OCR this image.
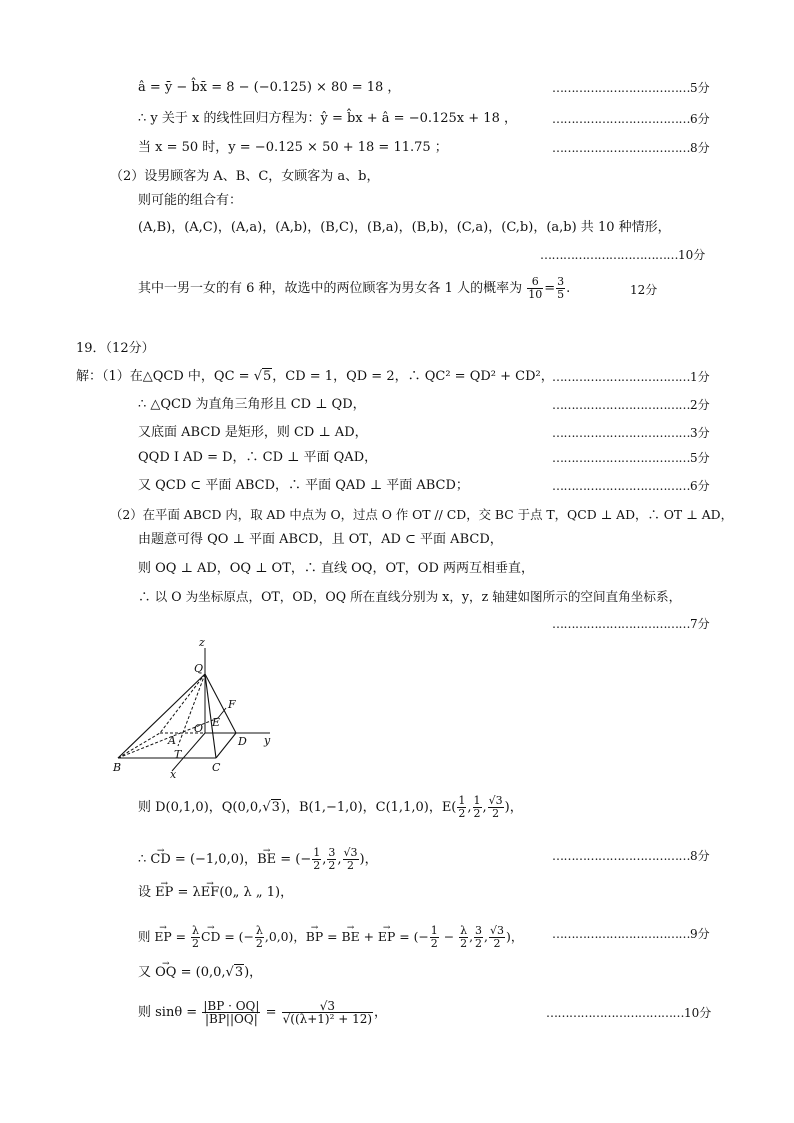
â = ȳ − b̂x̄ = 8 − (−0.125) × 80 = 18 ，	………………………………5分
∴ y 关于 x 的线性回归方程为：ŷ = b̂x + â = −0.125x + 18 ，	………………………………6分
当 x = 50 时，y = −0.125 × 50 + 18 = 11.75 ；	………………………………8分
（2）设男顾客为 A、B、C，女顾客为 a、b，
则可能的组合有：
(A,B)，(A,C)，(A,a)，(A,b)，(B,C)，(B,a)，(B,b)，(C,a)，(C,b)，(a,b) 共 10 种情形，
………………………………10分
其中一男一女的有 6 种，故选中的两位顾客为男女各 1 人的概率为 $\frac{6}{10} = \frac{3}{5}$ .	12分
19．（12分）
解：（1）在△QCD 中，QC = √5，CD = 1，QD = 2，∴ QC² = QD² + CD²，
………………………………1分
∴ △QCD 为直角三角形且 CD ⊥ QD，	………………………………2分
又底面 ABCD 是矩形，则 CD ⊥ AD，	………………………………3分
QQD I AD = D，∴ CD ⊥ 平面 QAD，	………………………………5分
又 QCD ⊂ 平面 ABCD，∴ 平面 QAD ⊥ 平面 ABCD；	………………………………6分
（2）在平面 ABCD 内，取 AD 中点为 O，过点 O 作 OT // CD，交 BC 于点 T，QCD ⊥ AD，∴ OT ⊥ AD，
由题意可得 QO ⊥ 平面 ABCD，且 OT，AD ⊂ 平面 ABCD，
则 OQ ⊥ AD，OQ ⊥ OT，∴ 直线 OQ，OT，OD 两两互相垂直，
∴ 以 O 为坐标原点，OT，OD，OQ 所在直线分别为 x，y，z 轴建如图所示的空间直角坐标系，
………………………………7分
z
Q
F
E
O
A
T
D y
B	C
x
则 D(0,1,0)，Q(0,0,√3)，B(1,−1,0)，C(1,1,0)，$E( \frac{1}{2}$ , $\frac{1}{2}$ , $\frac{√3}{2}$ )，
∴ → CD = (−1,0,0)，→ BE = (− $\frac{1}{2}$ , $\frac{3}{2}$ , $\frac{√3}{2}$ )，	………………………………8分
设 → EP = λ→ EF(0„ λ „ 1)，
则 → EP = $\frac{\lambda}{2}$
→ CD = (− $\frac{\lambda}{2} ,0,0$)，→ BP = → BE + → EP = (− $\frac{1}{2} - \frac{\lambda}{2}$ , $\frac{3}{2}$ , $\frac{√3}{2}$ )， ………………………………9分
又 → OQ = (0,0,√3)，
则 $\sin\theta = \frac{|BP \cdot OQ|}{|BP||OQ|} = \frac{√3}{\text{√((λ+1)² + 12)}}$ ，	………………………………10分
